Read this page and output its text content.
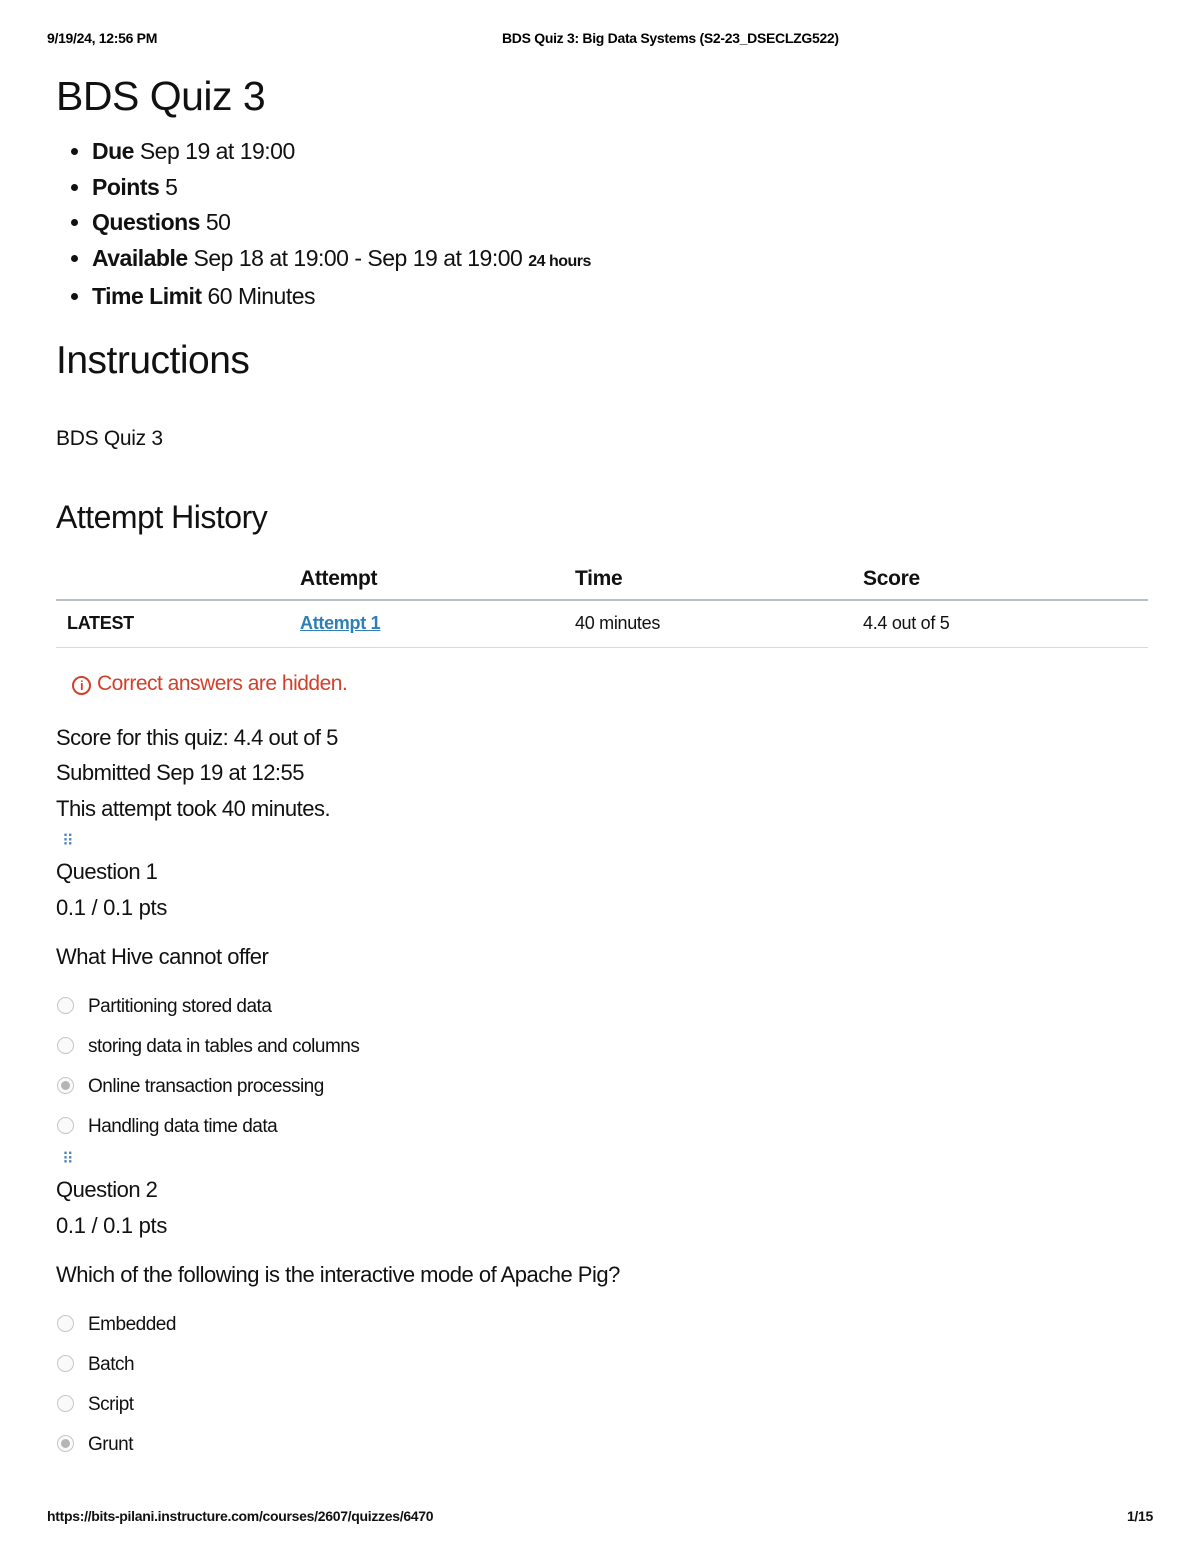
9/19/24, 12:56 PM	BDS Quiz 3: Big Data Systems (S2-23_DSECLZG522)
BDS Quiz 3
• Due Sep 19 at 19:00
• Points 5
• Questions 50
• Available Sep 18 at 19:00 - Sep 19 at 19:00 24 hours
• Time Limit 60 Minutes
Instructions
BDS Quiz 3
Attempt History
	Attempt	Time	Score
LATEST	Attempt 1	40 minutes	4.4 out of 5
i Correct answers are hidden.
Score for this quiz: 4.4 out of 5
Submitted Sep 19 at 12:55
This attempt took 40 minutes.
⠿
Question 1
0.1 / 0.1 pts
What Hive cannot offer
Partitioning stored data
storing data in tables and columns
Online transaction processing
Handling data time data
⠿
Question 2
0.1 / 0.1 pts
Which of the following is the interactive mode of Apache Pig?
Embedded
Batch
Script
Grunt
https://bits-pilani.instructure.com/courses/2607/quizzes/6470	1/15
